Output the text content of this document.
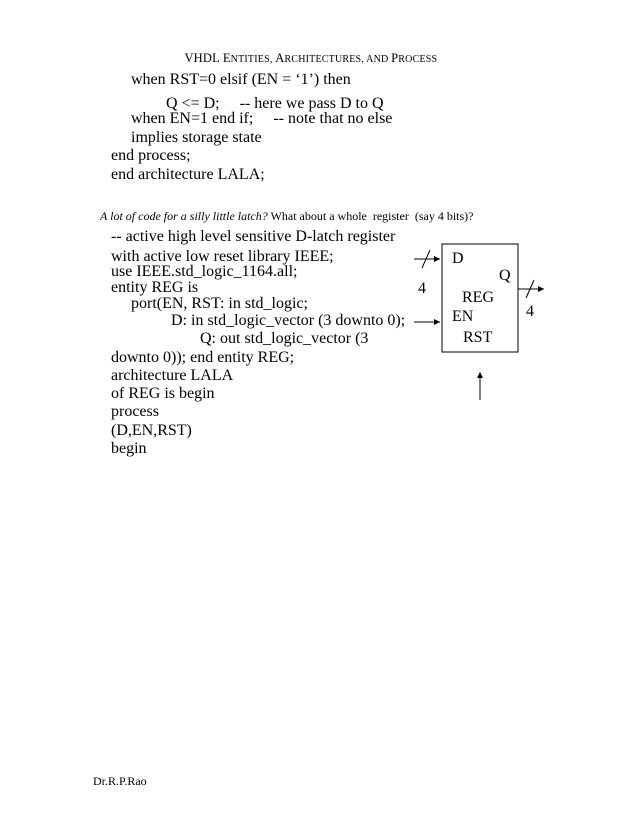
VHDL ENTITIES, ARCHITECTURES, AND PROCESS

when RST=0 elsif (EN = ‘1’) then
Q <= D;     -- here we pass D to Q
when EN=1 end if;     -- note that no else
implies storage state
end process;
end architecture LALA;

A lot of code for a silly little latch? What about a whole  register  (say 4 bits)?

-- active high level sensitive D-latch register
with active low reset library IEEE;
use IEEE.std_logic_1164.all;
entity REG is
port(EN, RST: in std_logic;
D: in std_logic_vector (3 downto 0);
Q: out std_logic_vector (3
downto 0)); end entity REG;
architecture LALA
of REG is begin
process
(D,EN,RST)
begin
D
4
Q
4
REG
EN
RST
Dr.R.P.Rao
